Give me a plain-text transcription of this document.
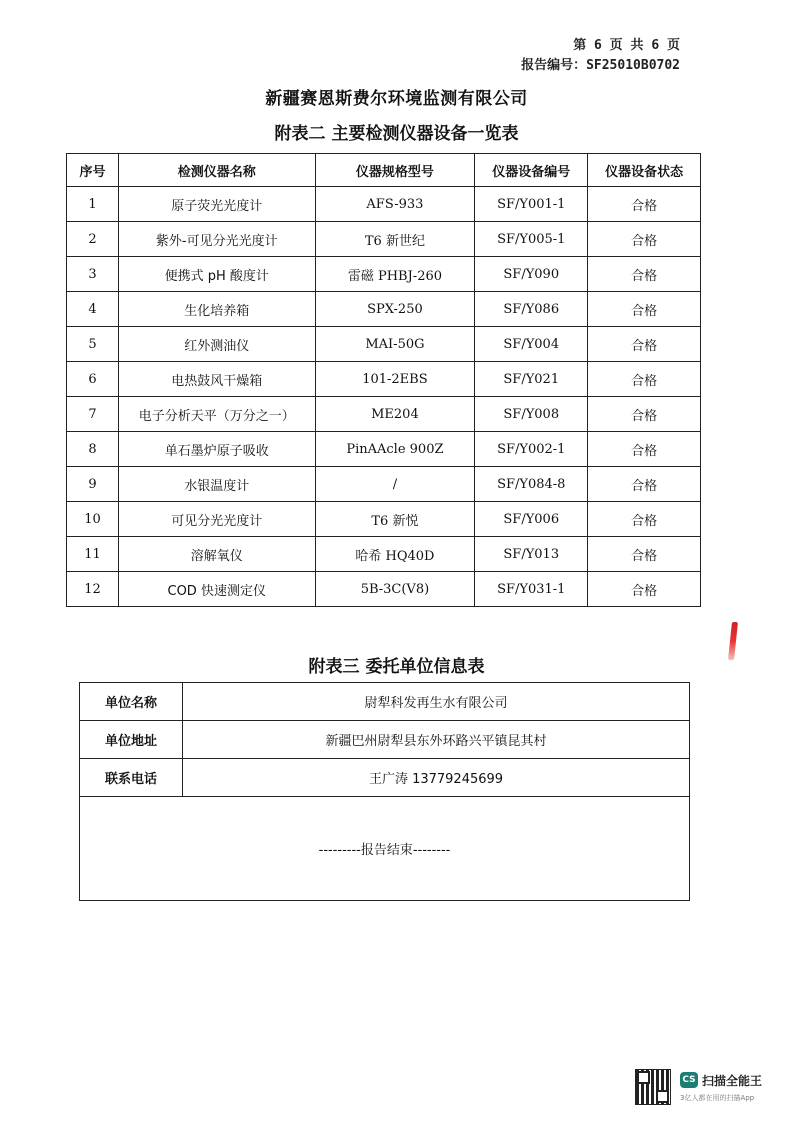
第 6 页 共 6 页
报告编号：SF25010B0702
新疆赛恩斯费尔环境监测有限公司
附表二 主要检测仪器设备一览表
序号	检测仪器名称	仪器规格型号	仪器设备编号	仪器设备状态
1	原子荧光光度计	AFS-933	SF/Y001-1	合格
2	紫外-可见分光光度计	T6 新世纪	SF/Y005-1	合格
3	便携式 pH 酸度计	雷磁 PHBJ-260	SF/Y090	合格
4	生化培养箱	SPX-250	SF/Y086	合格
5	红外测油仪	MAI-50G	SF/Y004	合格
6	电热鼓风干燥箱	101-2EBS	SF/Y021	合格
7	电子分析天平（万分之一）	ME204	SF/Y008	合格
8	单石墨炉原子吸收	PinAAcle 900Z	SF/Y002-1	合格
9	水银温度计	/	SF/Y084-8	合格
10	可见分光光度计	T6 新悦	SF/Y006	合格
11	溶解氧仪	哈希 HQ40D	SF/Y013	合格
12	COD 快速测定仪	5B-3C(V8)	SF/Y031-1	合格
附表三 委托单位信息表
单位名称	尉犁科发再生水有限公司
单位地址	新疆巴州尉犁县东外环路兴平镇昆其村
联系电话	王广涛 13779245699
---------报告结束--------	
CS 扫描全能王
3亿人都在用的扫描App
